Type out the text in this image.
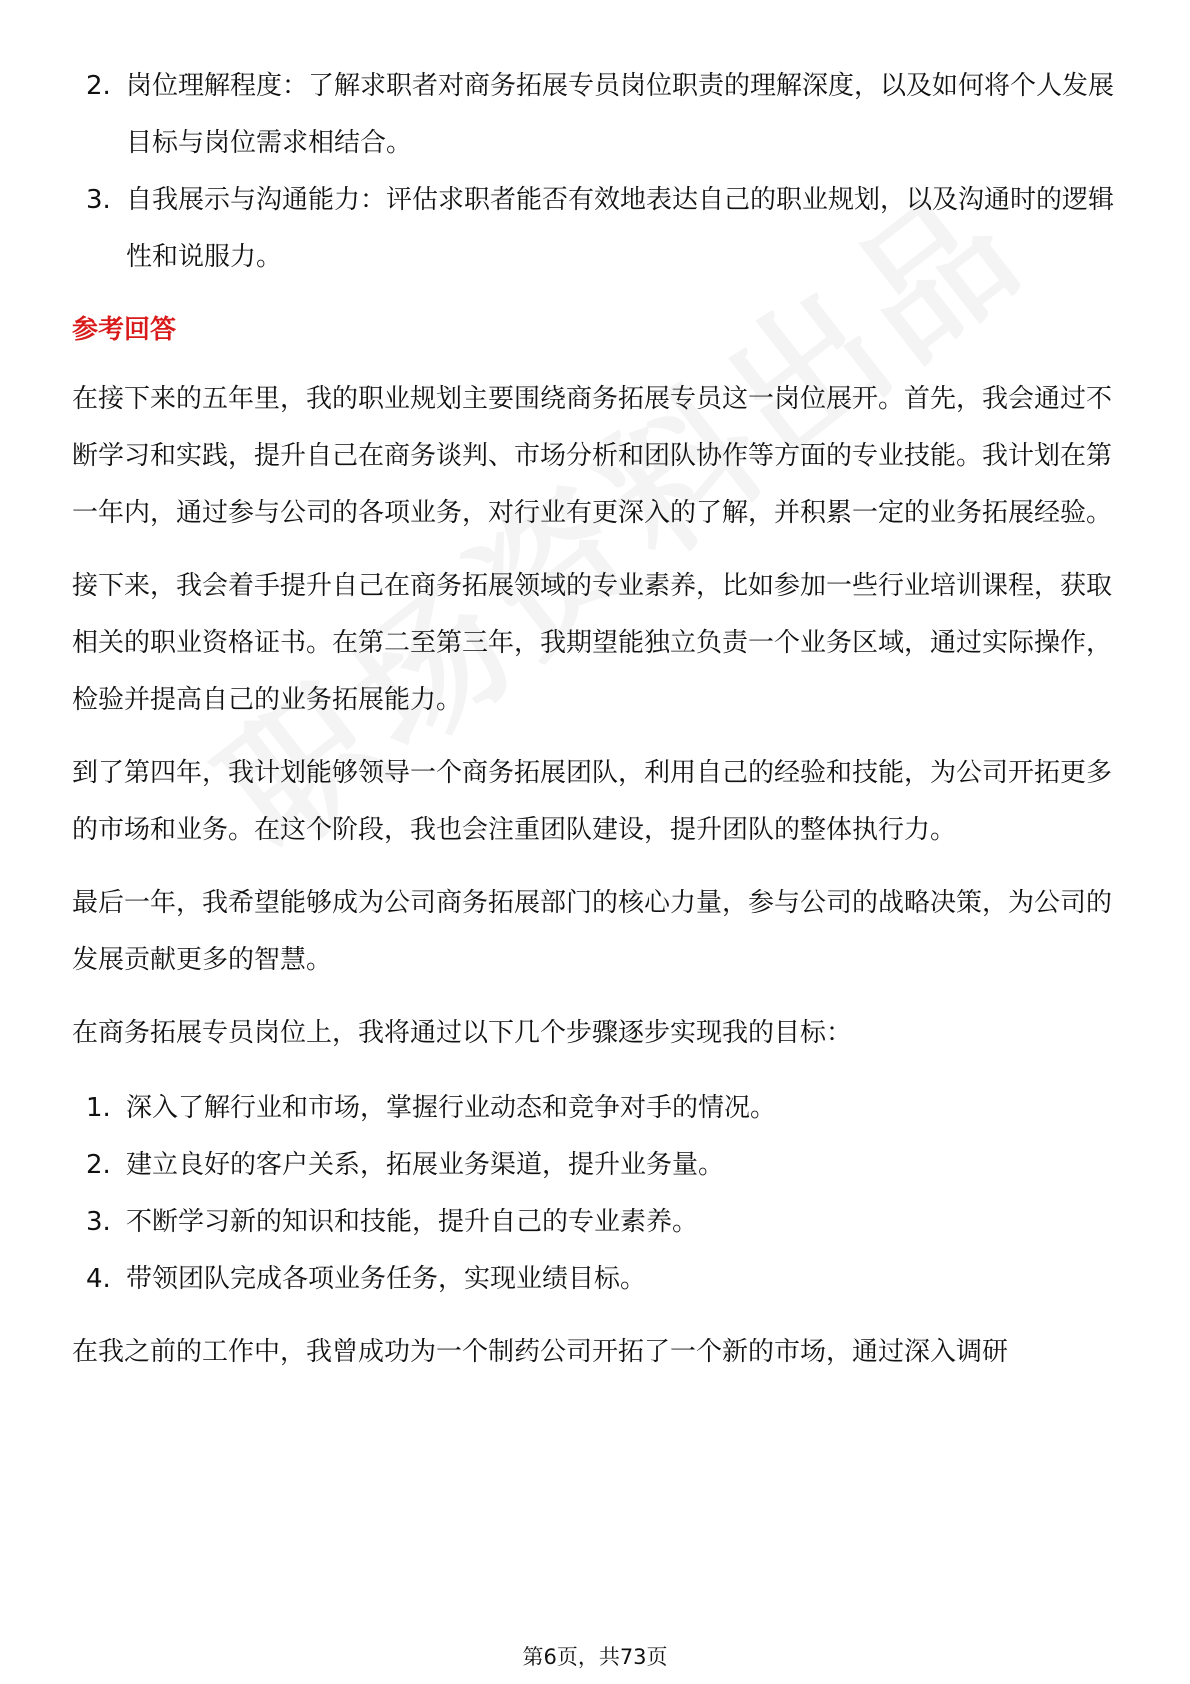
2. 岗位理解程度：了解求职者对商务拓展专员岗位职责的理解深度，以及如何将个人发展目标与岗位需求相结合。
3. 自我展示与沟通能力：评估求职者能否有效地表达自己的职业规划，以及沟通时的逻辑性和说服力。
参考回答

在接下来的五年里，我的职业规划主要围绕商务拓展专员这一岗位展开。首先，我会通过不断学习和实践，提升自己在商务谈判、市场分析和团队协作等方面的专业技能。我计划在第一年内，通过参与公司的各项业务，对行业有更深入的了解，并积累一定的业务拓展经验。

接下来，我会着手提升自己在商务拓展领域的专业素养，比如参加一些行业培训课程，获取相关的职业资格证书。在第二至第三年，我期望能独立负责一个业务区域，通过实际操作，检验并提高自己的业务拓展能力。

到了第四年，我计划能够领导一个商务拓展团队，利用自己的经验和技能，为公司开拓更多的市场和业务。在这个阶段，我也会注重团队建设，提升团队的整体执行力。

最后一年，我希望能够成为公司商务拓展部门的核心力量，参与公司的战略决策，为公司的发展贡献更多的智慧。

在商务拓展专员岗位上，我将通过以下几个步骤逐步实现我的目标：

1. 深入了解行业和市场，掌握行业动态和竞争对手的情况。
2. 建立良好的客户关系，拓展业务渠道，提升业务量。
3. 不断学习新的知识和技能，提升自己的专业素养。
4. 带领团队完成各项业务任务，实现业绩目标。

在我之前的工作中，我曾成功为一个制药公司开拓了一个新的市场，通过深入调研

第6页，共73页
